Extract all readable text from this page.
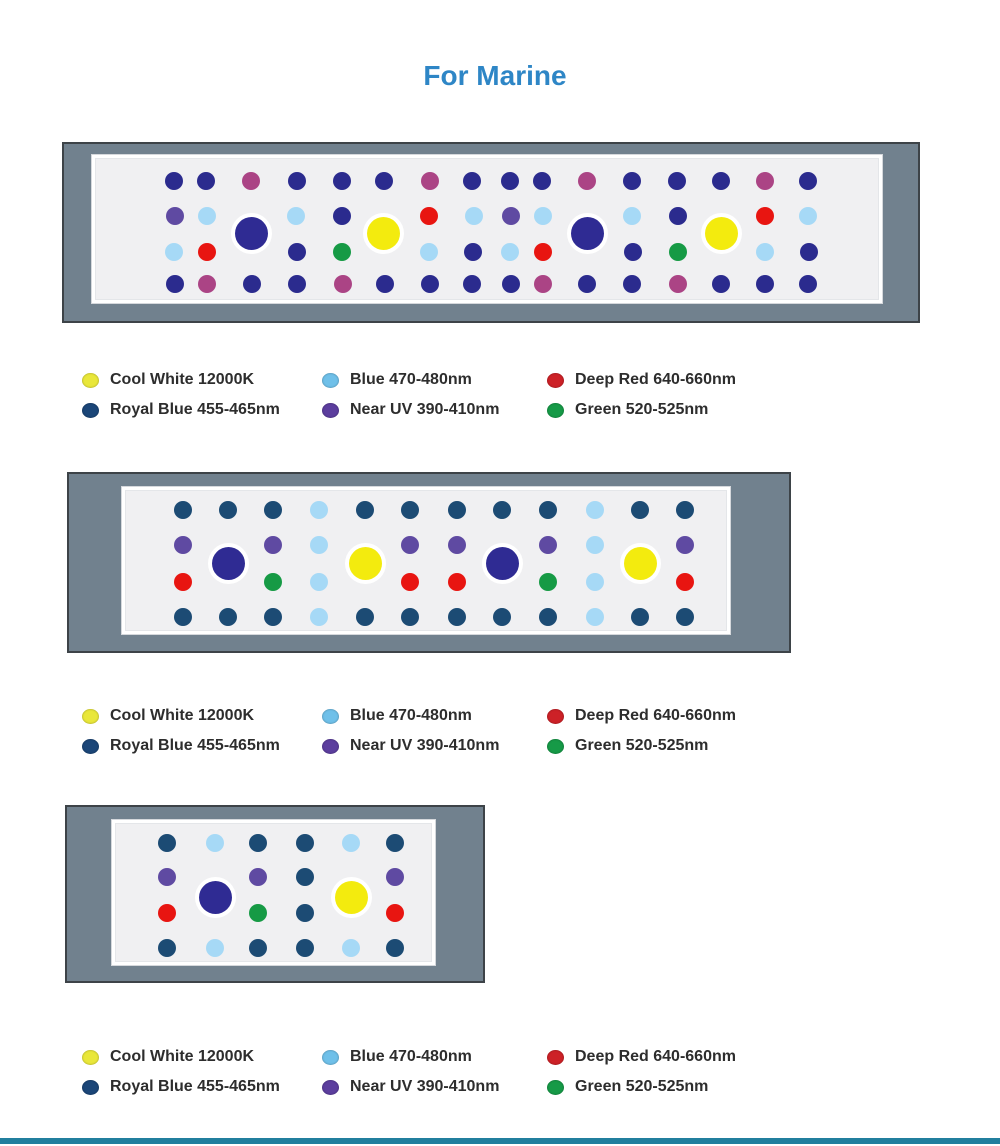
For Marine
Cool White 12000K
Royal Blue 455-465nm
Blue 470-480nm
Near UV 390-410nm
Deep Red 640-660nm
Green 520-525nm
Cool White 12000K
Royal Blue 455-465nm
Blue 470-480nm
Near UV 390-410nm
Deep Red 640-660nm
Green 520-525nm
Cool White 12000K
Royal Blue 455-465nm
Blue 470-480nm
Near UV 390-410nm
Deep Red 640-660nm
Green 520-525nm
